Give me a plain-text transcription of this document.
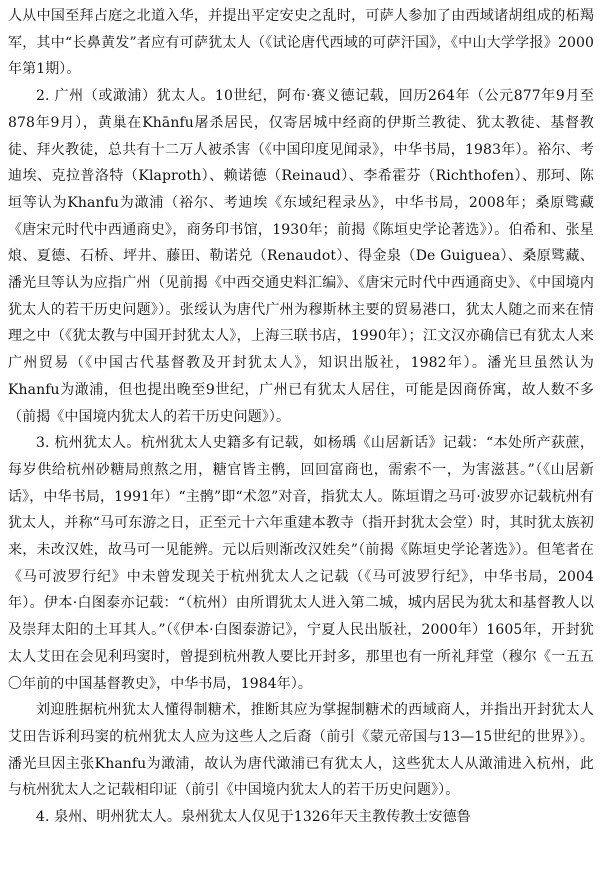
人从中国至拜占庭之北道入华，并提出平定安史之乱时，可萨人参加了由西域诸胡组成的柘羯军，其中“长鼻黄发”者应有可萨犹太人（《试论唐代西域的可萨汗国》，《中山大学学报》2000年第1期）。

2. 广州（或澉浦）犹太人。10世纪，阿布·赛义德记载，回历264年（公元877年9月至878年9月），黄巢在Khānfu屠杀居民，仅寄居城中经商的伊斯兰教徒、犹太教徒、基督教徒、拜火教徒，总共有十二万人被杀害（《中国印度见闻录》，中华书局，1983年）。裕尔、考迪埃、克拉普洛特（Klaproth）、赖诺德（Reinaud）、李希霍芬（Richthofen）、那珂、陈垣等认为Khanfu为澉浦（裕尔、考迪埃《东域纪程录丛》，中华书局，2008年；桑原骘藏《唐宋元时代中西通商史》，商务印书馆，1930年；前揭《陈垣史学论著选》）。伯希和、张星烺、夏德、石桥、坪井、藤田、勒诺兑（Renaudot）、得金泉（De Guiguea）、桑原骘藏、潘光旦等认为应指广州（见前揭《中西交通史料汇编》、《唐宋元时代中西通商史》、《中国境内犹太人的若干历史问题》）。张绥认为唐代广州为穆斯林主要的贸易港口，犹太人随之而来在情理之中（《犹太教与中国开封犹太人》，上海三联书店，1990年）；江文汉亦确信已有犹太人来广州贸易（《中国古代基督教及开封犹太人》，知识出版社，1982年）。潘光旦虽然认为Khanfu为澉浦，但也提出晚至9世纪，广州已有犹太人居住，可能是因商侨寓，故人数不多（前揭《中国境内犹太人的若干历史问题》）。

3. 杭州犹太人。杭州犹太人史籍多有记载，如杨瑀《山居新话》记载：“本处所产荻蔗，每岁供给杭州砂糖局煎熬之用，糖官皆主鹘，回回富商也，需索不一，为害滋甚。”（《山居新话》，中华书局，1991年）“主鹘”即“术忽”对音，指犹太人。陈垣谓之马可·波罗亦记载杭州有犹太人，并称“马可东游之日，正至元十六年重建本教寺（指开封犹太会堂）时，其时犹太族初来，未改汉姓，故马可一见能辨。元以后则渐改汉姓矣”（前揭《陈垣史学论著选》）。但笔者在《马可波罗行纪》中未曾发现关于杭州犹太人之记载（《马可波罗行纪》，中华书局，2004年）。伊本·白图泰亦记载：“（杭州）由所谓犹太人进入第二城，城内居民为犹太和基督教人以及崇拜太阳的土耳其人。”（《伊本·白图泰游记》，宁夏人民出版社，2000年）1605年，开封犹太人艾田在会见利玛窦时，曾提到杭州教人要比开封多，那里也有一所礼拜堂（穆尔《一五五〇年前的中国基督教史》，中华书局，1984年）。

刘迎胜据杭州犹太人懂得制糖术，推断其应为掌握制糖术的西域商人，并指出开封犹太人艾田告诉利玛窦的杭州犹太人应为这些人之后裔（前引《蒙元帝国与13—15世纪的世界》）。潘光旦因主张Khanfu为澉浦，故认为唐代澉浦已有犹太人，这些犹太人从澉浦进入杭州，此与杭州犹太人之记载相印证（前引《中国境内犹太人的若干历史问题》）。

4. 泉州、明州犹太人。泉州犹太人仅见于1326年天主教传教士安德鲁
